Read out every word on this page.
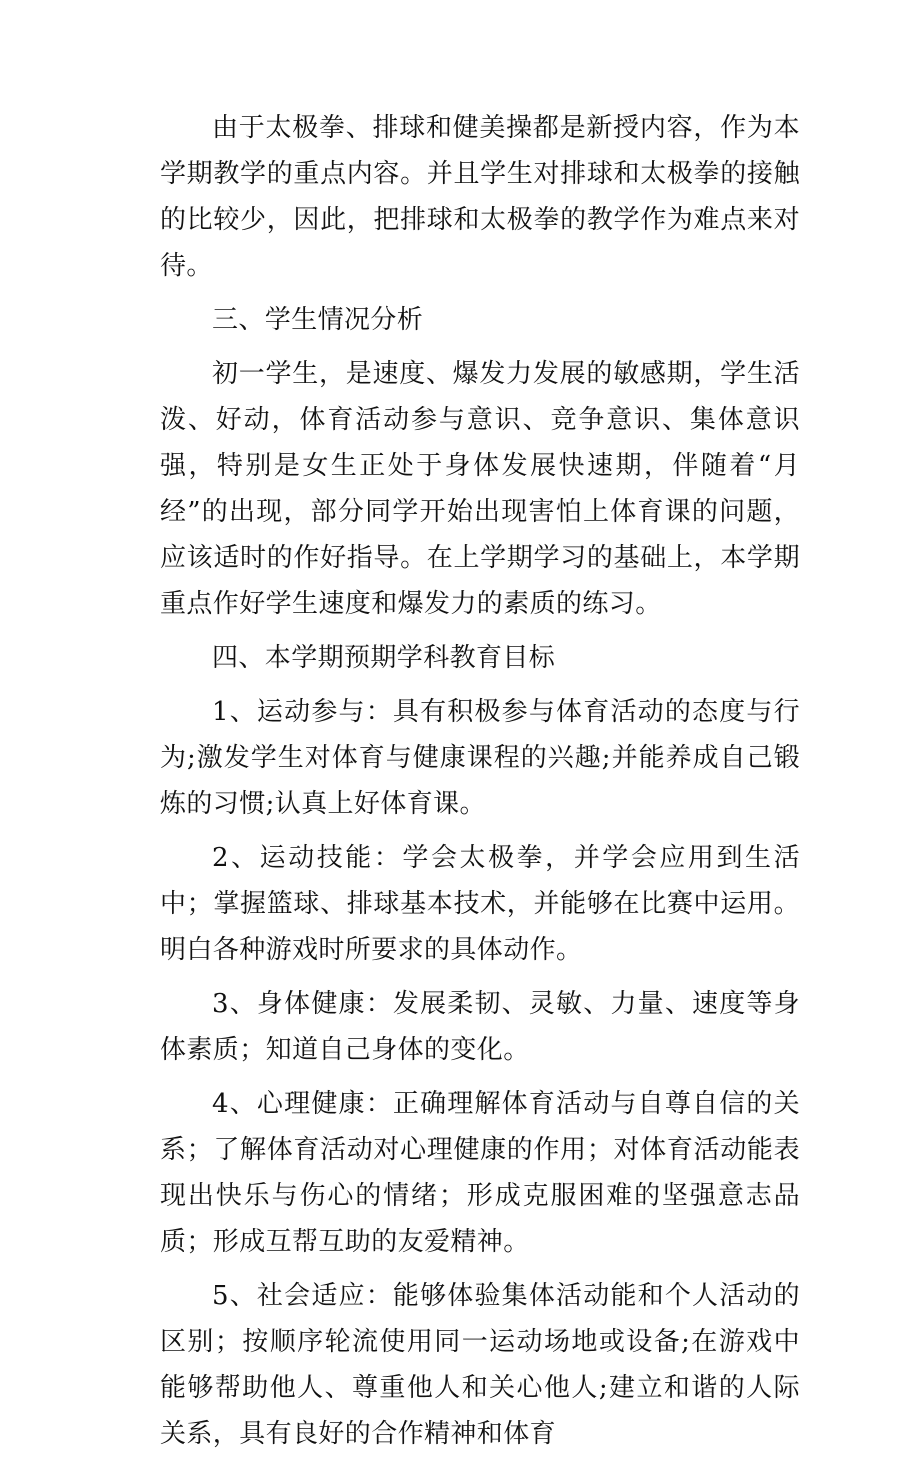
由于太极拳、排球和健美操都是新授内容，作为本学期教学的重点内容。并且学生对排球和太极拳的接触的比较少，因此，把排球和太极拳的教学作为难点来对待。

三、学生情况分析

初一学生，是速度、爆发力发展的敏感期，学生活泼、好动，体育活动参与意识、竞争意识、集体意识强，特别是女生正处于身体发展快速期，伴随着“月经”的出现，部分同学开始出现害怕上体育课的问题，应该适时的作好指导。在上学期学习的基础上，本学期重点作好学生速度和爆发力的素质的练习。

四、本学期预期学科教育目标

1、运动参与：具有积极参与体育活动的态度与行为;激发学生对体育与健康课程的兴趣;并能养成自己锻炼的习惯;认真上好体育课。

2、运动技能：学会太极拳，并学会应用到生活中；掌握篮球、排球基本技术，并能够在比赛中运用。明白各种游戏时所要求的具体动作。

3、身体健康：发展柔韧、灵敏、力量、速度等身体素质；知道自己身体的变化。

4、心理健康：正确理解体育活动与自尊自信的关系；了解体育活动对心理健康的作用；对体育活动能表现出快乐与伤心的情绪；形成克服困难的坚强意志品质；形成互帮互助的友爱精神。

5、社会适应：能够体验集体活动能和个人活动的区别；按顺序轮流使用同一运动场地或设备;在游戏中能够帮助他人、尊重他人和关心他人;建立和谐的人际关系，具有良好的合作精神和体育
